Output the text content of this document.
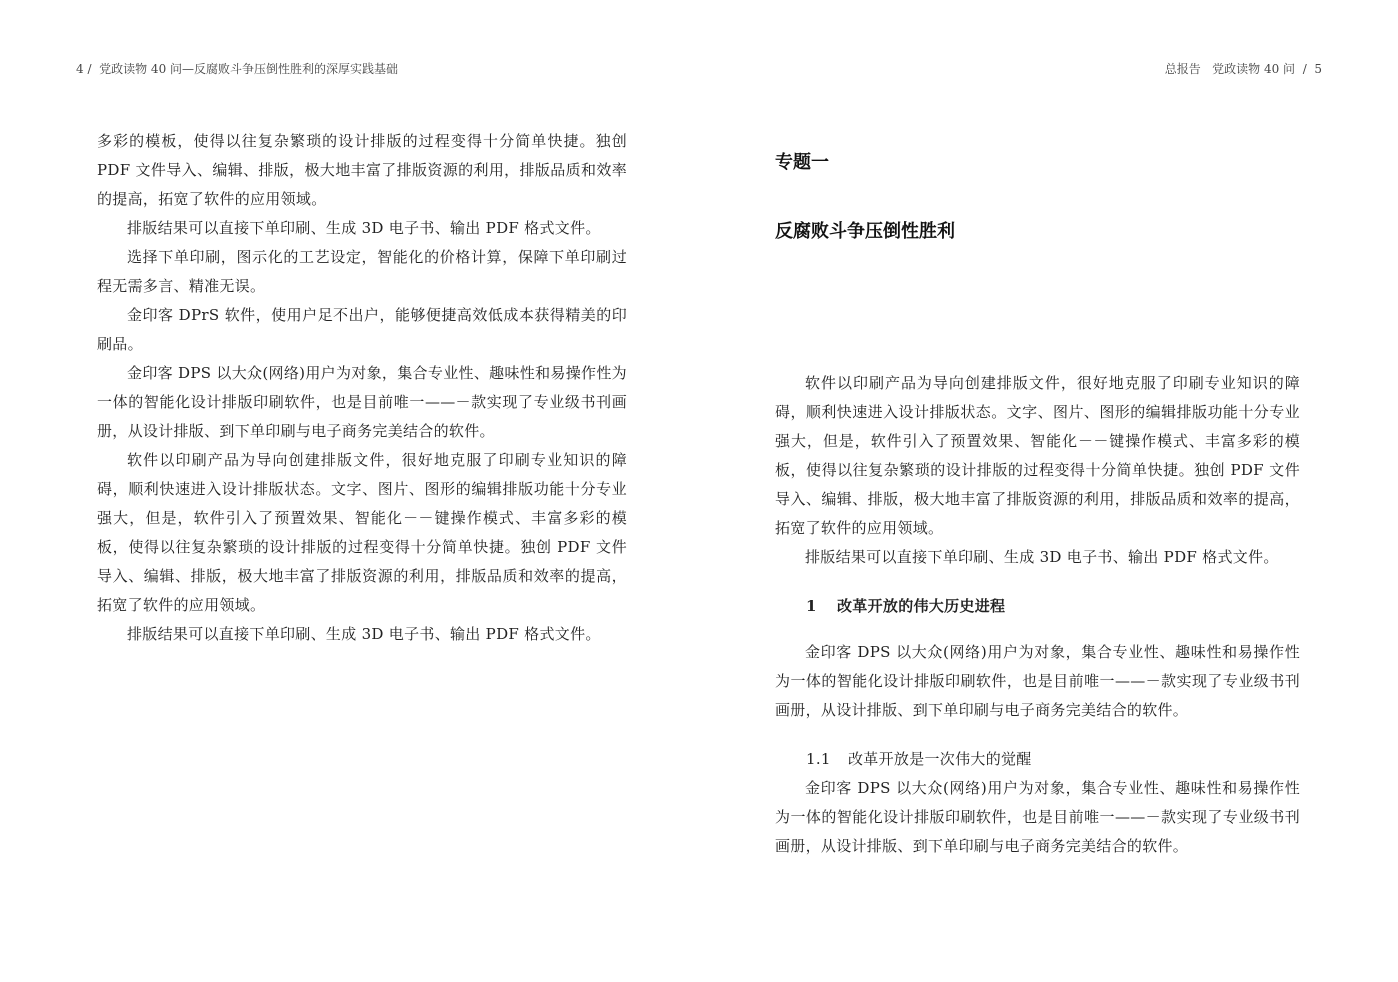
4 /  党政读物 40 问—反腐败斗争压倒性胜利的深厚实践基础	总报告   党政读物 40 问  /  5

多彩的模板，使得以往复杂繁琐的设计排版的过程变得十分简单快捷。独创 PDF 文件导入、编辑、排版，极大地丰富了排版资源的利用，排版品质和效率的提高，拓宽了软件的应用领域。

排版结果可以直接下单印刷、生成 3D 电子书、输出 PDF 格式文件。

选择下单印刷，图示化的工艺设定，智能化的价格计算，保障下单印刷过程无需多言、精准无误。

金印客 DPrS 软件，使用户足不出户，能够便捷高效低成本获得精美的印刷品。

金印客 DPS 以大众(网络)用户为对象，集合专业性、趣味性和易操作性为一体的智能化设计排版印刷软件，也是目前唯一——－款实现了专业级书刊画册，从设计排版、到下单印刷与电子商务完美结合的软件。

软件以印刷产品为导向创建排版文件，很好地克服了印刷专业知识的障碍，顺利快速进入设计排版状态。文字、图片、图形的编辑排版功能十分专业强大，但是，软件引入了预置效果、智能化－－键操作模式、丰富多彩的模板，使得以往复杂繁琐的设计排版的过程变得十分简单快捷。独创 PDF 文件导入、编辑、排版，极大地丰富了排版资源的利用，排版品质和效率的提高，拓宽了软件的应用领域。

排版结果可以直接下单印刷、生成 3D 电子书、输出 PDF 格式文件。

专题一
反腐败斗争压倒性胜利

软件以印刷产品为导向创建排版文件，很好地克服了印刷专业知识的障碍，顺利快速进入设计排版状态。文字、图片、图形的编辑排版功能十分专业强大，但是，软件引入了预置效果、智能化－－键操作模式、丰富多彩的模板，使得以往复杂繁琐的设计排版的过程变得十分简单快捷。独创 PDF 文件导入、编辑、排版，极大地丰富了排版资源的利用，排版品质和效率的提高，拓宽了软件的应用领域。

排版结果可以直接下单印刷、生成 3D 电子书、输出 PDF 格式文件。

1 改革开放的伟大历史进程

金印客 DPS 以大众(网络)用户为对象，集合专业性、趣味性和易操作性为一体的智能化设计排版印刷软件，也是目前唯一——－款实现了专业级书刊画册，从设计排版、到下单印刷与电子商务完美结合的软件。

1.1 改革开放是一次伟大的觉醒

金印客 DPS 以大众(网络)用户为对象，集合专业性、趣味性和易操作性为一体的智能化设计排版印刷软件，也是目前唯一——－款实现了专业级书刊画册，从设计排版、到下单印刷与电子商务完美结合的软件。
